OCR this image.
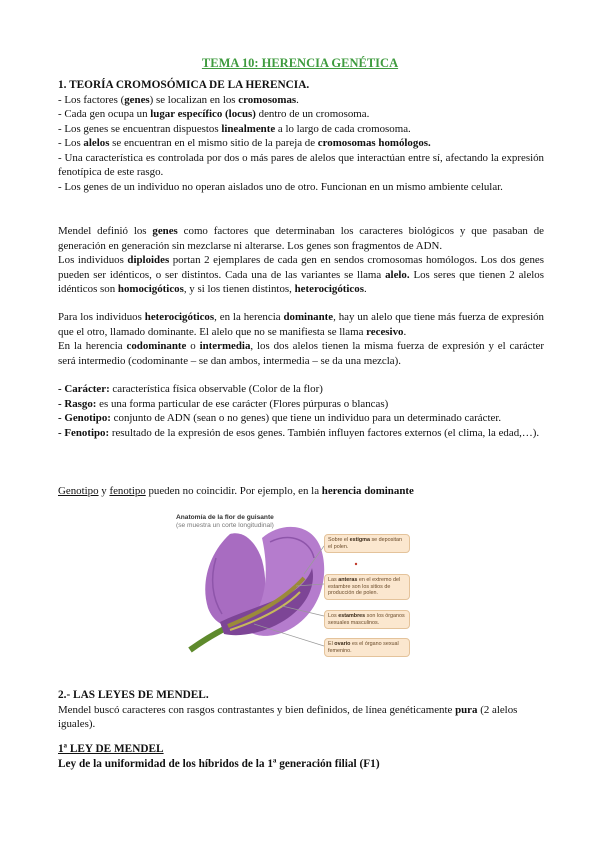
TEMA 10: HERENCIA GENÉTICA

1. TEORÍA CROMOSÓMICA DE LA HERENCIA.

- Los factores (genes) se localizan en los cromosomas.

- Cada gen ocupa un lugar específico (locus) dentro de un cromosoma.

- Los genes se encuentran dispuestos linealmente a lo largo de cada cromosoma.

- Los alelos se encuentran en el mismo sitio de la pareja de cromosomas homólogos.

- Una característica es controlada por dos o más pares de alelos que interactúan entre sí, afectando la expresión fenotípica de este rasgo.

- Los genes de un individuo no operan aislados uno de otro. Funcionan en un mismo ambiente celular.

Mendel definió los genes como factores que determinaban los caracteres biológicos y que pasaban de generación en generación sin mezclarse ni alterarse. Los genes son fragmentos de ADN.

Los individuos diploides portan 2 ejemplares de cada gen en sendos cromosomas homólogos. Los dos genes pueden ser idénticos, o ser distintos. Cada una de las variantes se llama alelo. Los seres que tienen 2 alelos idénticos son homocigóticos, y si los tienen distintos, heterocigóticos.

Para los individuos heterocigóticos, en la herencia dominante, hay un alelo que tiene más fuerza de expresión que el otro, llamado dominante. El alelo que no se manifiesta se llama recesivo.

En la herencia codominante o intermedia, los dos alelos tienen la misma fuerza de expresión y el carácter será intermedio (codominante – se dan ambos, intermedia – se da una mezcla).

- Carácter: característica física observable (Color de la flor)

- Rasgo: es una forma particular de ese carácter (Flores púrpuras o blancas)

- Genotipo: conjunto de ADN (sean o no genes) que tiene un individuo para un determinado carácter.

- Fenotipo: resultado de la expresión de esos genes. También influyen factores externos (el clima, la edad,…).

Genotipo y fenotipo pueden no coincidir. Por ejemplo, en la herencia dominante

Anatomía de la flor de guisante
(se muestra un corte longitudinal)
Sobre el estigma se depositan el polen.
Las anteras en el extremo del estambre son los sitios de producción de polen.
Los estambres son los órganos sexuales masculinos.
El ovario es el órgano sexual femenino.

2.- LAS LEYES DE MENDEL.

Mendel buscó caracteres con rasgos contrastantes y bien definidos, de línea genéticamente pura (2 alelos iguales).

1ª LEY DE MENDEL

Ley de la uniformidad de los híbridos de la 1ª generación filial (F1)
